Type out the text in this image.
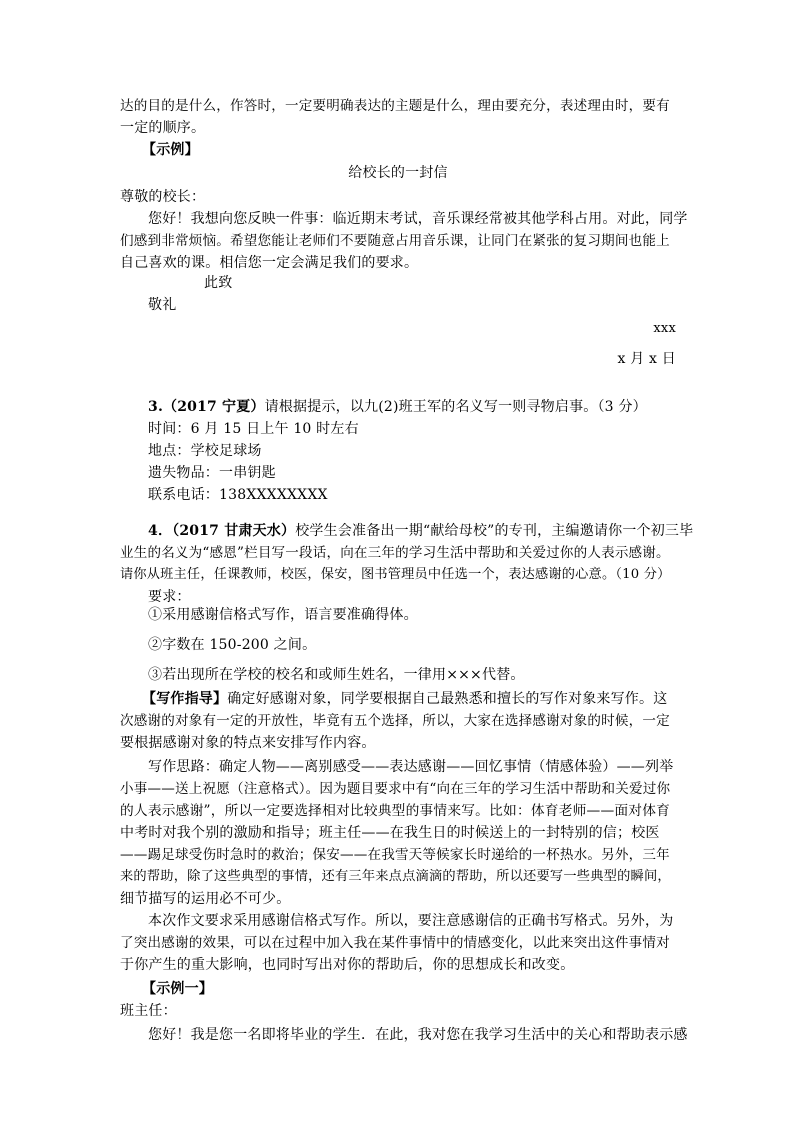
达的目的是什么，作答时，一定要明确表达的主题是什么，理由要充分，表述理由时，要有
一定的顺序。
【示例】
给校长的一封信
尊敬的校长：
您好！我想向您反映一件事：临近期末考试，音乐课经常被其他学科占用。对此，同学
们感到非常烦恼。希望您能让老师们不要随意占用音乐课，让同门在紧张的复习期间也能上
自己喜欢的课。相信您一定会满足我们的要求。
此致
敬礼
xxx
x 月 x 日
3.（2017 宁夏）请根据提示，以九(2)班王军的名义写一则寻物启事。（3 分）
时间：6 月 15 日上午 10 时左右
地点：学校足球场
遗失物品：一串钥匙
联系电话：138XXXXXXXX
4．（2017 甘肃天水）校学生会准备出一期“献给母校”的专刊，主编邀请你一个初三毕
业生的名义为“感恩”栏目写一段话，向在三年的学习生活中帮助和关爱过你的人表示感谢。
请你从班主任，任课教师，校医，保安，图书管理员中任选一个，表达感谢的心意。（10 分）
要求：
①采用感谢信格式写作，语言要准确得体。
②字数在 150-200 之间。
③若出现所在学校的校名和或师生姓名，一律用×××代替。
【写作指导】确定好感谢对象，同学要根据自己最熟悉和擅长的写作对象来写作。这
次感谢的对象有一定的开放性，毕竟有五个选择，所以，大家在选择感谢对象的时候，一定
要根据感谢对象的特点来安排写作内容。
写作思路：确定人物——离别感受——表达感谢——回忆事情（情感体验）——列举
小事——送上祝愿（注意格式）。因为题目要求中有“向在三年的学习生活中帮助和关爱过你
的人表示感谢”，所以一定要选择相对比较典型的事情来写。比如：体育老师——面对体育
中考时对我个别的激励和指导；班主任——在我生日的时候送上的一封特别的信；校医
——踢足球受伤时急时的救治；保安——在我雪天等候家长时递给的一杯热水。另外，三年
来的帮助，除了这些典型的事情，还有三年来点点滴滴的帮助，所以还要写一些典型的瞬间，
细节描写的运用必不可少。
本次作文要求采用感谢信格式写作。所以，要注意感谢信的正确书写格式。另外，为
了突出感谢的效果，可以在过程中加入我在某件事情中的情感变化，以此来突出这件事情对
于你产生的重大影响，也同时写出对你的帮助后，你的思想成长和改变。
【示例一】
班主任：
您好！我是您一名即将毕业的学生．在此，我对您在我学习生活中的关心和帮助表示感
